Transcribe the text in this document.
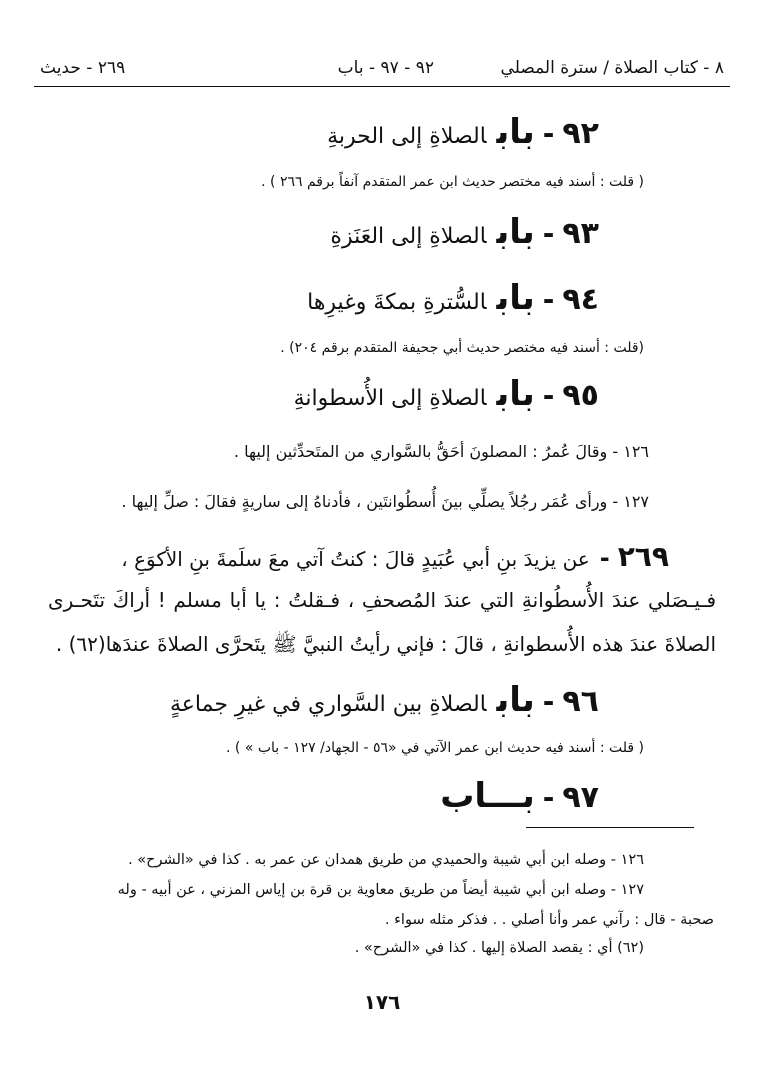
٨ - كتاب الصلاة / سترة المصلي
٩٢ - ٩٧ - باب
٢٦٩ - حديث
٩٢-بابالصلاةِ إلى الحربةِ
( قلت : أسند فيه مختصر حديث ابن عمر المتقدم آنفاً برقم ٢٦٦ ) .
٩٣-بابالصلاةِ إلى العَنَزةِ
٩٤-بابالسُّترةِ بمكةَ وغيرِها
(قلت : أسند فيه مختصر حديث أبي جحيفة المتقدم برقم ٢٠٤) .
٩٥-بابالصلاةِ إلى الأُسطوانةِ
١٢٦ - وقالَ عُمرُ : المصلونَ أحَقُّ بالسَّواري من المتَحدِّثين إليها .
١٢٧ - ورأى عُمَر رجُلاً يصلِّي بينَ أُسطُوانتَين ، فأدناهُ إلى ساريةٍ فقالَ : صلِّ إليها .
٢٦٩-عن يزيدَ بنِ أبي عُبَيدٍ قالَ : كنتُ آتي معَ سلَمةَ بنِ الأكوَعِ ،
فـيـصَلي عندَ الأُسطُوانةِ التي عندَ المُصحفِ ، فـقلتُ : يا أبا مسلم ! أراكَ تتَحـرى
الصلاةَ عندَ هذه الأُسطوانةِ ، قالَ : فإني رأيتُ النبيَّ ﷺ يتَحرَّى الصلاةَ عندَها(٦٢) .
٩٦-بابالصلاةِ بين السَّواري في غيرِ جماعةٍ
( قلت : أسند فيه حديث ابن عمر الآتي في «٥٦ - الجهاد/ ١٢٧ - باب » ) .
٩٧-بـــاب
١٢٦ - وصله ابن أبي شيبة والحميدي من طريق همدان عن عمر به . كذا في «الشرح» .
١٢٧ - وصله ابن أبي شيبة أيضاً من طريق معاوية بن قرة بن إياس المزني ، عن أبيه - وله
صحبة - قال : رآني عمر وأنا أصلي . . فذكر مثله سواء .
(٦٢) أي : يقصد الصلاة إليها . كذا في «الشرح» .
١٧٦
